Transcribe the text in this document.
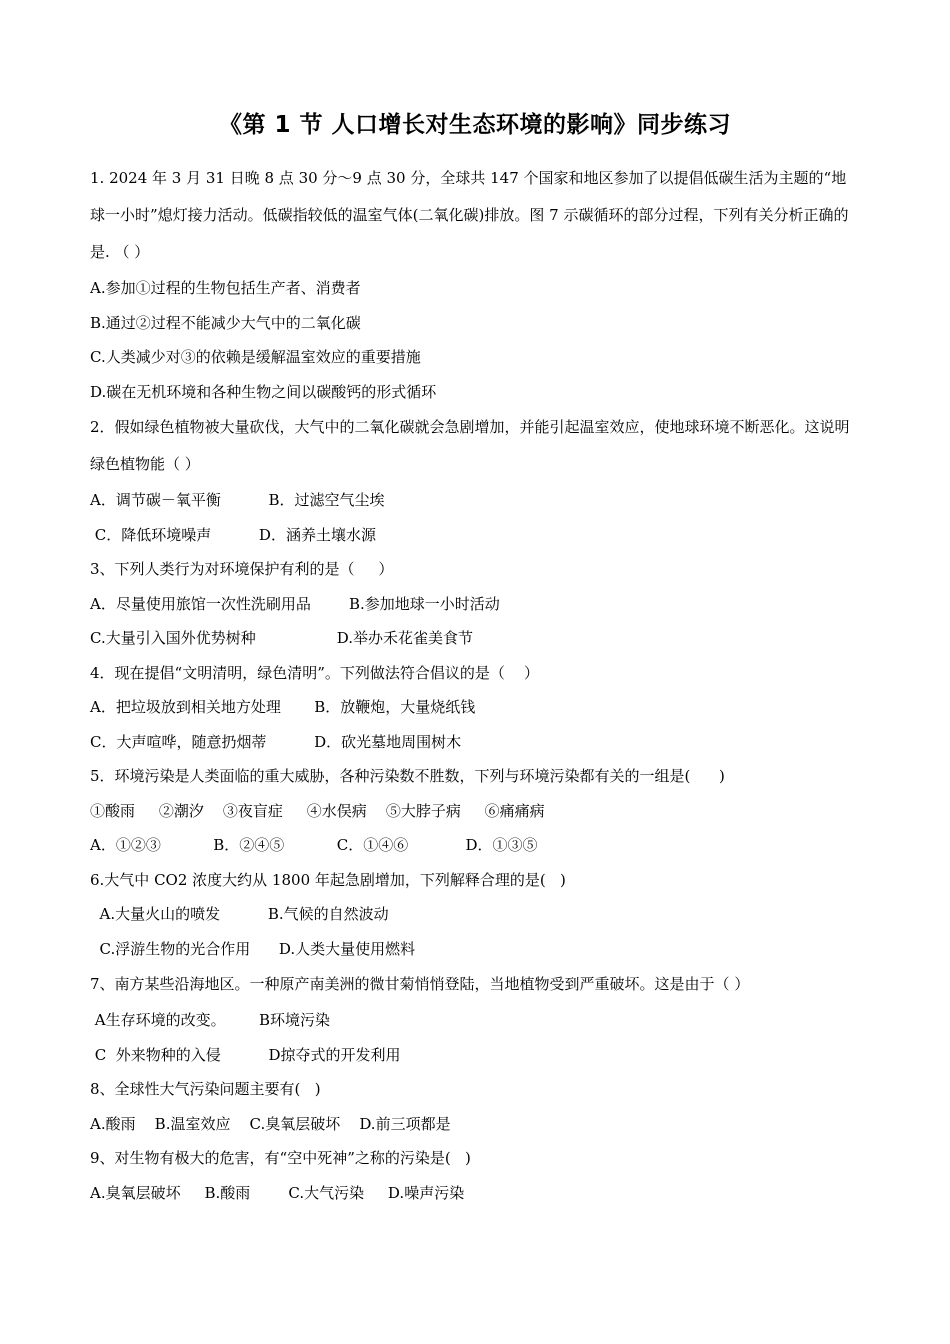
《第 1 节 人口增长对生态环境的影响》同步练习
1. 2024 年 3 月 31 日晚 8 点 30 分～9 点 30 分，全球共 147 个国家和地区参加了以提倡低碳生活为主题的“地球一小时”熄灯接力活动。低碳指较低的温室气体(二氧化碳)排放。图 7 示碳循环的部分过程，下列有关分析正确的是. （ ）
A.参加①过程的生物包括生产者、消费者
B.通过②过程不能减少大气中的二氧化碳
C.人类减少对③的依赖是缓解温室效应的重要措施
D.碳在无机环境和各种生物之间以碳酸钙的形式循环
2．假如绿色植物被大量砍伐，大气中的二氧化碳就会急剧增加，并能引起温室效应，使地球环境不断恶化。这说明绿色植物能（ ）
A．调节碳－氧平衡          B．过滤空气尘埃
C．降低环境噪声          D．涵养土壤水源
3、下列人类行为对环境保护有利的是（     ）
A．尽量使用旅馆一次性洗刷用品        B.参加地球一小时活动
C.大量引入国外优势树种                 D.举办禾花雀美食节
4．现在提倡“文明清明，绿色清明”。下列做法符合倡议的是（    ）
A．把垃圾放到相关地方处理       B．放鞭炮，大量烧纸钱
C．大声喧哗，随意扔烟蒂          D．砍光墓地周围树木
5．环境污染是人类面临的重大威胁，各种污染数不胜数，下列与环境污染都有关的一组是(      )
①酸雨     ②潮汐    ③夜盲症     ④水俣病    ⑤大脖子病     ⑥痛痛病
A．①②③           B．②④⑤           C．①④⑥            D．①③⑤
6.大气中 CO2 浓度大约从 1800 年起急剧增加，下列解释合理的是(   )
A.大量火山的喷发          B.气候的自然波动
C.浮游生物的光合作用      D.人类大量使用燃料
7、南方某些沿海地区。一种原产南美洲的微甘菊悄悄登陆，当地植物受到严重破坏。这是由于（ ）
A生存环境的改变。       B环境污染
C  外来物种的入侵          D掠夺式的开发利用
8、全球性大气污染问题主要有(   )
A.酸雨    B.温室效应    C.臭氧层破坏    D.前三项都是
9、对生物有极大的危害，有“空中死神”之称的污染是(   )
A.臭氧层破坏     B.酸雨        C.大气污染     D.噪声污染
